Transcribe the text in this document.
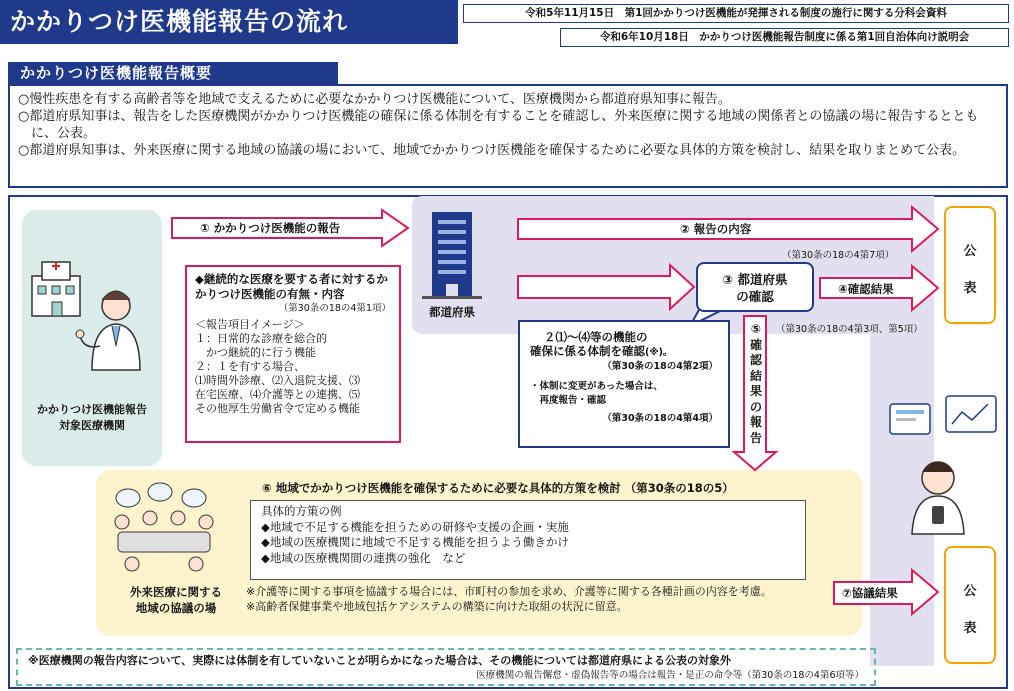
かかりつけ医機能報告の流れ	令和5年11月15日　第1回かかりつけ医機能が発揮される制度の施行に関する分科会資料
令和6年10月18日　かかりつけ医機能報告制度に係る第1回自治体向け説明会
かかりつけ医機能報告概要

○慢性疾患を有する高齢者等を地域で支えるために必要なかかりつけ医機能について、医療機関から都道府県知事に報告。

○都道府県知事は、報告をした医療機関がかかりつけ医機能の確保に係る体制を有することを確認し、外来医療に関する地域の関係者との協議の場に報告するとともに、公表。

○都道府県知事は、外来医療に関する地域の協議の場において、地域でかかりつけ医機能を確保するために必要な具体的方策を検討し、結果を取りまとめて公表。

かかりつけ医機能報告
対象医療機関
① かかりつけ医機能の報告
◆継続的な医療を要する者に対するかかりつけ医機能の有無・内容
（第30条の18の4第1項）
＜報告項目イメージ＞
１：日常的な診療を総合的
　かつ継続的に行う機能
２：１を有する場合、
⑴時間外診療、⑵入退院支援、⑶
在宅医療、⑷介護等との連携、⑸
その他厚生労働省令で定める機能
都道府県
② 報告の内容
（第30条の18の4第7項）
③ 都道府県
の確認	④確認結果
（第30条の18の4第3項、第5項）
２⑴～⑷等の機能の
確保に係る体制を確認(※)。
（第30条の18の4第2項）
・体制に変更があった場合は、
　再度報告・確認
（第30条の18の4第4項）
⑤
確
認
結
果
の
報
告
公
表
公
表
⑥ 地域でかかりつけ医機能を確保するために必要な具体的方策を検討 （第30条の18の5）
具体的方策の例
◆地域で不足する機能を担うための研修や支援の企画・実施
◆地域の医療機関に地域で不足する機能を担うよう働きかけ
◆地域の医療機関間の連携の強化　など
外来医療に関する
地域の協議の場

※介護等に関する事項を協議する場合には、市町村の参加を求め、介護等に関する各種計画の内容を考慮。

※高齢者保健事業や地域包括ケアシステムの構築に向けた取組の状況に留意。

⑦協議結果
※医療機関の報告内容について、実際には体制を有していないことが明らかになった場合は、その機能については都道府県による公表の対象外
医療機関の報告懈怠・虚偽報告等の場合は報告・是正の命令等（第30条の18の4第6項等）
